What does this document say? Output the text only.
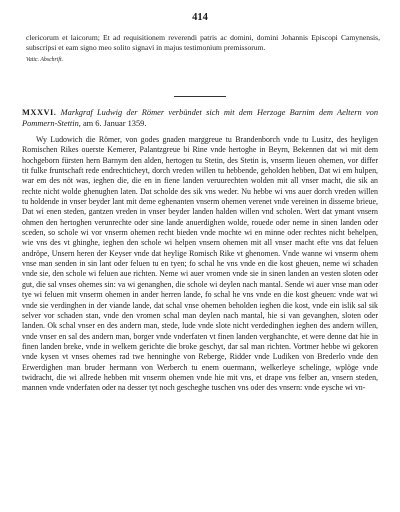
414

clericorum et laicorum; Et ad requisitionem reverendi patris ac domini, domini Johannis Episcopi Camynensis, subscripsi et eam signo meo solito signavi in majus testimonium premissorum.

Vatic. Abschrift.

MXXVI. Markgraf Ludwig der Römer verbündet sich mit dem Herzoge Barnim dem Aeltern von Pommern-Stettin, am 6. Januar 1359.

Wy Ludowich die Römer, von godes gnaden marggreue tu Brandenborch vnde tu Lusitz, des heyligen Romischen Rikes ouerste Kemerer, Palantzgreue bi Rine vnde hertoghe in Beyrn, Bekennen dat wi mit dem hochgeborn fürsten hern Barnym den alden, hertogen tu Stetin, des Stetin is, vnserm lieuen ohemen, vor differ tit fulke fruntschaft rede endrechticheyt, dorch vreden willen tu hebbende, geholden hebben, Dat wi em hulpen, war em des nöt was, ieghen die, die en in fiene landen veruurechten wolden mit all vnser macht, die sik an rechte nicht wolde ghenughen laten. Dat scholde des sik vns weder. Nu hebbe wi vns auer dorch vreden willen tu holdende in vnser beyder lant mit deme eghenanten vnserm ohemen verenet vnde vereinen in disseme brieue, Dat wi enen steden, gantzen vreden in vnser beyder landen halden willen vnd scholen. Wert dat ymant vnsern ohmen den hertoghen verunrechte oder sine lande anuerdighen wolde, rouede oder neme in sinen landen oder sceden, so schole wi vor vnserm ohemen recht bieden vnde mochte wi en minne oder rechtes nicht behelpen, wie vns des vt ghinghe, ieghen den schole wi helpen vnsern ohemen mit all vnser macht efte vns dat feluen andröpe, Unsern heren der Keyser vnde dat heylige Romisch Rike vt ghenomen. Vnde wanne wi vnserm ohem vnse man senden in sin lant oder feluen tu en tyen; fo schal he vns vnde en die kost gheuen, neme wi schaden vnde sie, den schole wi feluen aue richten. Neme wi auer vromen vnde sie in sinen landen an vesten sloten oder gut, die sal vnses ohemes sin: va wi genanghen, die schole wi deylen nach mantal. Sende wi auer vnse man oder tye wi feluen mit vnserm ohemen in ander herren lande, fo schal he vns vnde en die kost gheuen: vnde wat wi vnde sie verdinghen in der viande lande, dat schal vnse ohemen beholden ieghen die kost, vnde ein islik sal sik selver vor schaden stan, vnde den vromen schal man deylen nach mantal, hie si van gevanghen, sloten oder landen. Ok schal vnser en des andern man, stede, lude vnde slote nicht verdedinghen ieghen des andern willen, vnde vnser en sal des andern man, borger vnde vnderfaten vt finen landen verghanchte, et were denne dat hie in finen landen breke, vnde in welkem gerichte die broke geschyt, dar sal man richten. Vortmer hebbe wi gekoren vnde kysen vt vnses ohemes rad twe henninghe von Reberge, Ridder vnde Ludiken von Brederlo vnde den Erwerdighen man bruder hermann von Werberch tu enem ouermann, welkerleye schelinge, wplöge vnde twidracht, die wi allrede hebben mit vnserm ohemen vnde hie mit vns, et drape vns felber an, vnsern steden, mannen vnde vnderfaten oder na desser tyt noch gescheghe tuschen vns oder des vnsern: vnde eysche wi vn-
